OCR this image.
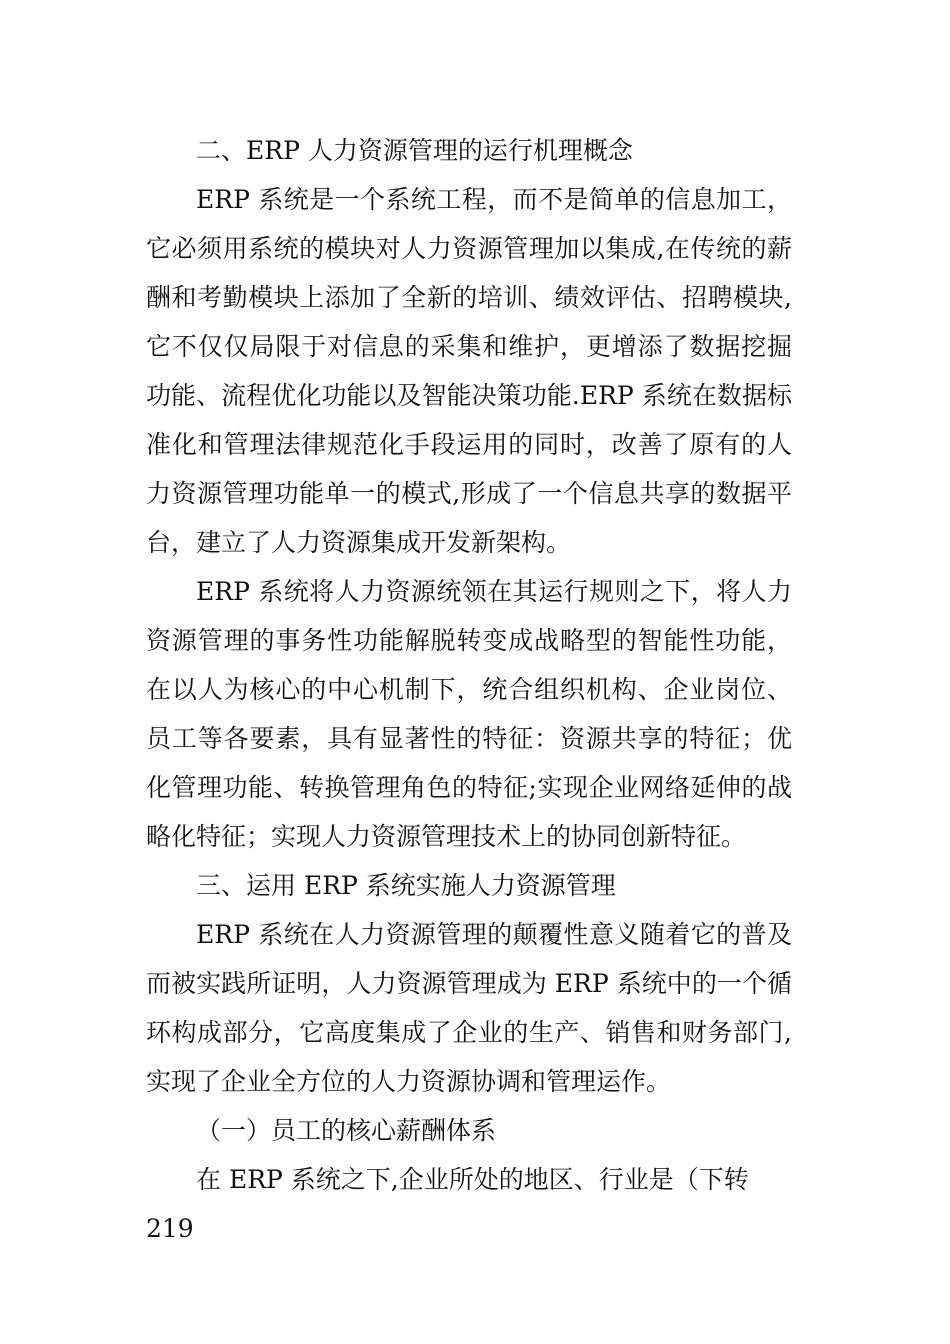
二、ERP 人力资源管理的运行机理概念

ERP 系统是一个系统工程，而不是简单的信息加工，它必须用系统的模块对人力资源管理加以集成,在传统的薪酬和考勤模块上添加了全新的培训、绩效评估、招聘模块,它不仅仅局限于对信息的采集和维护，更增添了数据挖掘功能、流程优化功能以及智能决策功能.ERP 系统在数据标准化和管理法律规范化手段运用的同时，改善了原有的人力资源管理功能单一的模式,形成了一个信息共享的数据平台，建立了人力资源集成开发新架构。

ERP 系统将人力资源统领在其运行规则之下，将人力资源管理的事务性功能解脱转变成战略型的智能性功能，在以人为核心的中心机制下，统合组织机构、企业岗位、员工等各要素，具有显著性的特征：资源共享的特征；优化管理功能、转换管理角色的特征;实现企业网络延伸的战略化特征；实现人力资源管理技术上的协同创新特征。

三、运用 ERP 系统实施人力资源管理

ERP 系统在人力资源管理的颠覆性意义随着它的普及而被实践所证明，人力资源管理成为 ERP 系统中的一个循环构成部分，它高度集成了企业的生产、销售和财务部门,实现了企业全方位的人力资源协调和管理运作。

（一）员工的核心薪酬体系

在 ERP 系统之下,企业所处的地区、行业是（下转 219
